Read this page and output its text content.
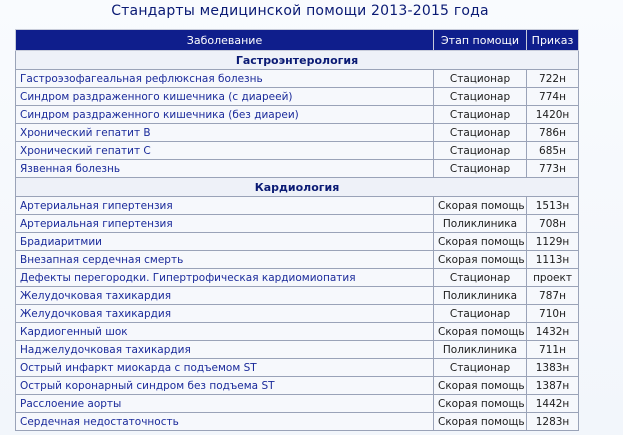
Стандарты медицинской помощи 2013-2015 года
Заболевание	Этап помощи	Приказ
Гастроэнтерология		
Гастроэзофагеальная рефлюксная болезнь	Стационар	722н
Синдром раздраженного кишечника (с диареей)	Стационар	774н
Синдром раздраженного кишечника (без диареи)	Стационар	1420н
Хронический гепатит B	Стационар	786н
Хронический гепатит С	Стационар	685н
Язвенная болезнь	Стационар	773н
Кардиология		
Артериальная гипертензия	Скорая помощь	1513н
Артериальная гипертензия	Поликлиника	708н
Брадиаритмии	Скорая помощь	1129н
Внезапная сердечная смерть	Скорая помощь	1113н
Дефекты перегородки. Гипертрофическая кардиомиопатия	Стационар	проект
Желудочковая тахикардия	Поликлиника	787н
Желудочковая тахикардия	Стационар	710н
Кардиогенный шок	Скорая помощь	1432н
Наджелудочковая тахикардия	Поликлиника	711н
Острый инфаркт миокарда с подъемом ST	Стационар	1383н
Острый коронарный синдром без подъема ST	Скорая помощь	1387н
Расслоение аорты	Скорая помощь	1442н
Сердечная недостаточность	Скорая помощь	1283н
